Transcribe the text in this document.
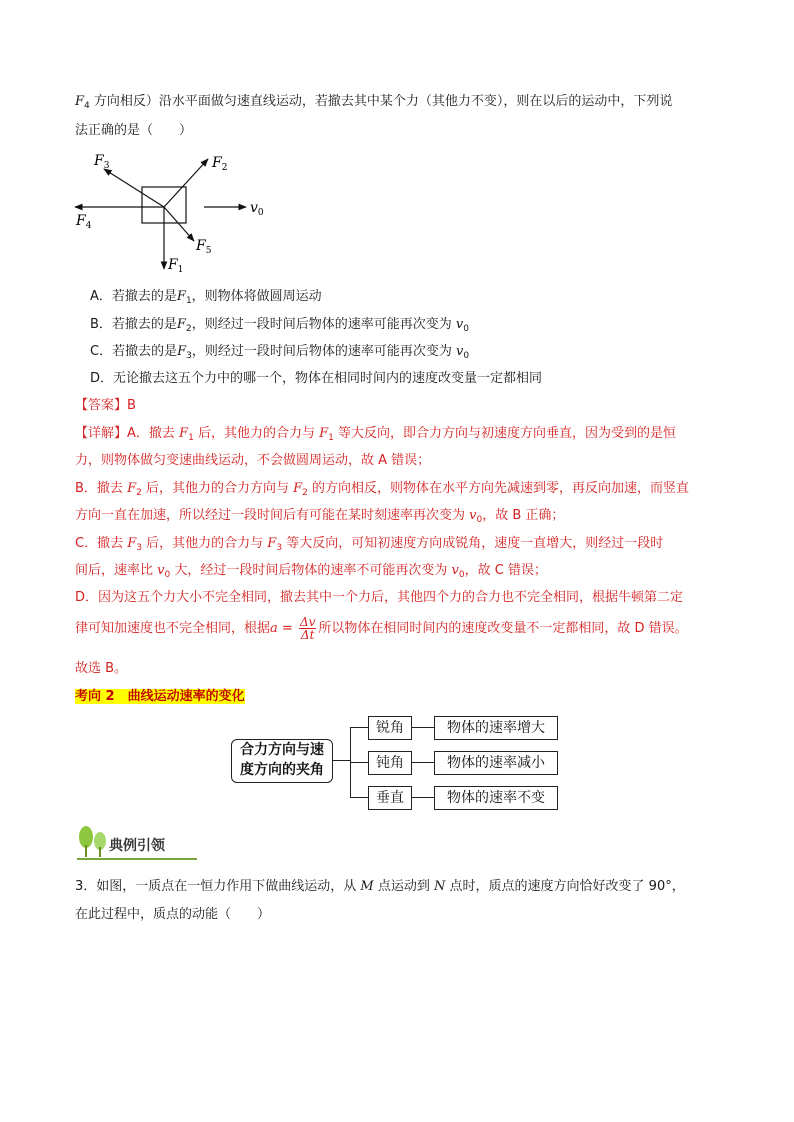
$F_4$ 方向相反）沿水平面做匀速直线运动，若撤去其中某个力（其他力不变），则在以后的运动中，下列说
法正确的是（　　）
$F_3$	$F_2$
$F_4$
$F_5$
$F_1$
$v_0$
A．若撤去的是$F_1$，则物体将做圆周运动
B．若撤去的是$F_2$，则经过一段时间后物体的速率可能再次变为 $v_0$
C．若撤去的是$F_3$，则经过一段时间后物体的速率可能再次变为 $v_0$
D．无论撤去这五个力中的哪一个，物体在相同时间内的速度改变量一定都相同
【答案】B
【详解】A．撤去 $F_1$ 后，其他力的合力与 $F_1$ 等大反向，即合力方向与初速度方向垂直，因为受到的是恒
力，则物体做匀变速曲线运动，不会做圆周运动，故 A 错误；
B．撤去 $F_2$ 后，其他力的合力方向与 $F_2$ 的方向相反，则物体在水平方向先减速到零，再反向加速，而竖直
方向一直在加速，所以经过一段时间后有可能在某时刻速率再次变为 $v_0$，故 B 正确；
C．撤去 $F_3$ 后，其他力的合力与 $F_3$ 等大反向，可知初速度方向成锐角，速度一直增大，则经过一段时
间后，速率比 $v_0$ 大，经过一段时间后物体的速率不可能再次变为 $v_0$，故 C 错误；
D．因为这五个力大小不完全相同，撤去其中一个力后，其他四个力的合力也不完全相同，根据牛顿第二定
律可知加速度也不完全相同，根据$a = \frac{\Delta v}{\Delta t}$ 所以物体在相同时间内的速度改变量不一定都相同，故 D 错误。
故选 B。
考向 2　曲线运动速率的变化
合力方向与速
度方向的夹角
锐角
钝角
垂直
物体的速率增大
物体的速率减小
物体的速率不变
典例引领
3．如图，一质点在一恒力作用下做曲线运动，从 M 点运动到 N 点时，质点的速度方向恰好改变了 90°，
在此过程中，质点的动能（　　）
